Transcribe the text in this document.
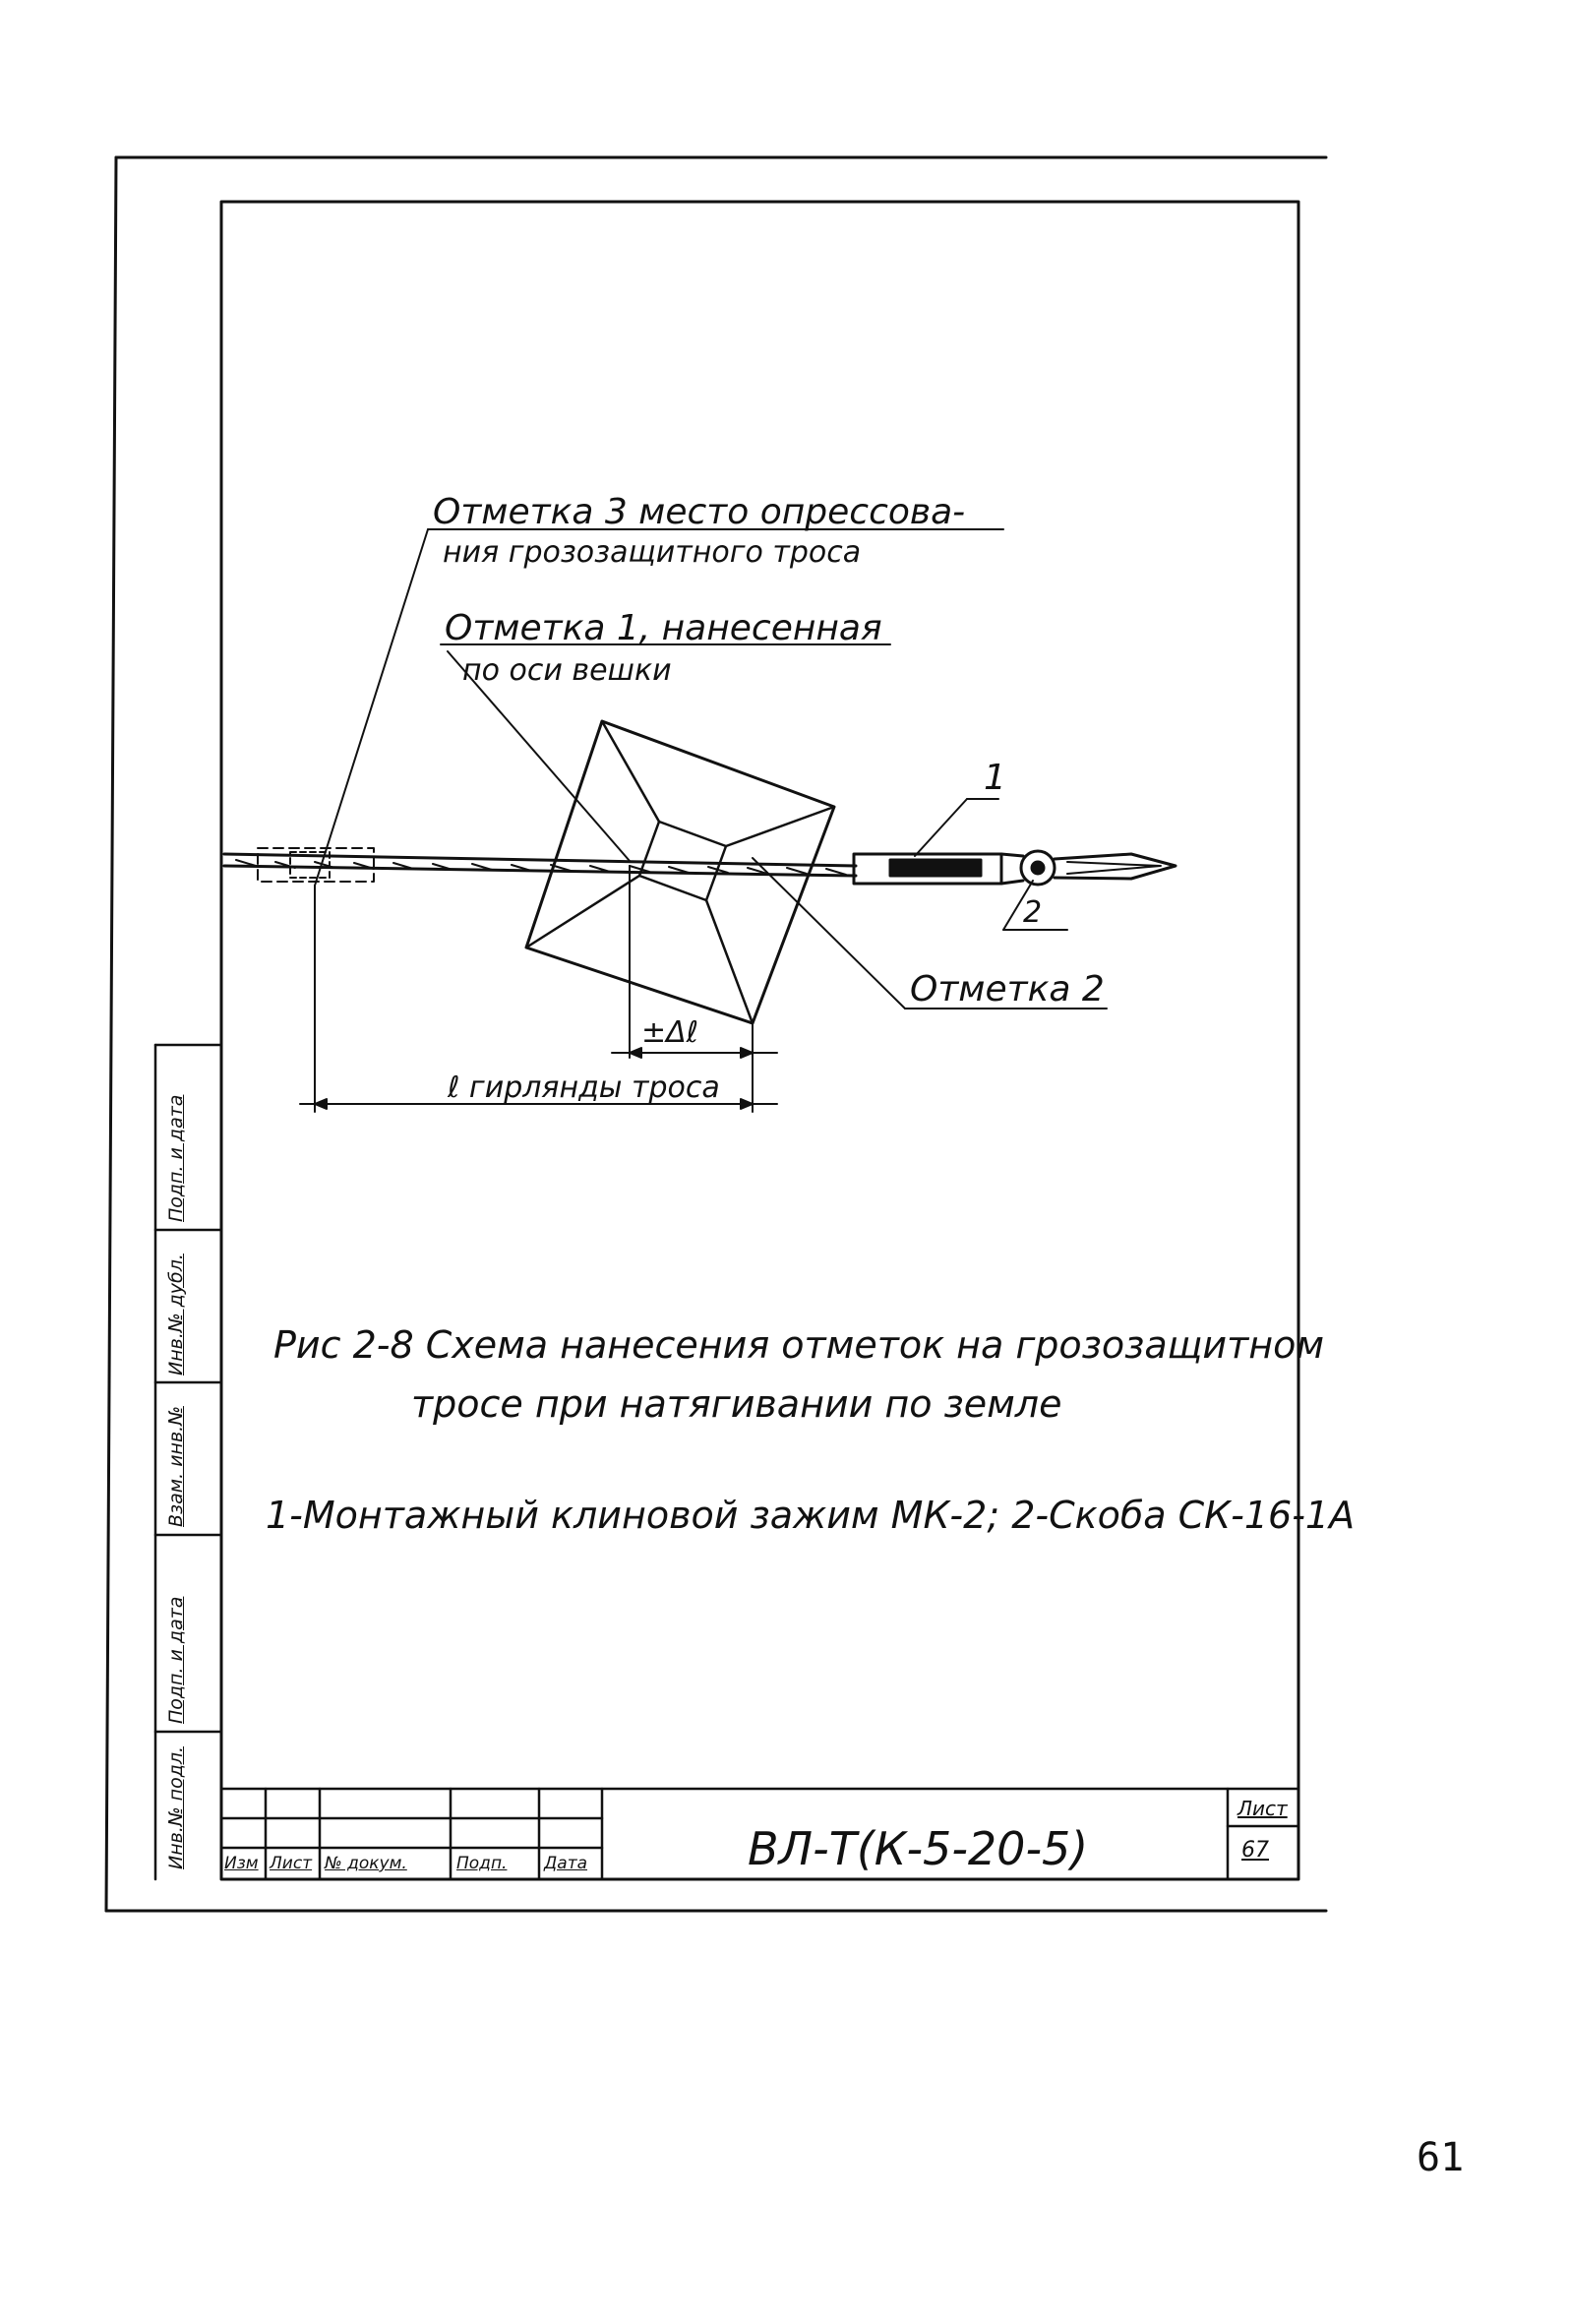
Отметка 3 место опрессова-
ния грозозащитного троса
Отметка 1, нанесенная
по оси вешки
1
2
Отметка 2
±Δℓ
ℓ гирлянды троса
Рис 2-8 Схема нанесения отметок на грозозащитном
тросе при натягивании по земле
1-Монтажный клиновой зажим МК-2; 2-Скоба СК-16-1А
Инв.№ подл.
Подп. и дата
Взам. инв.№
Инв.№ дубл.
Подп. и дата
Изм Лист № докум.	Подп. Дата	ВЛ-Т(К-5-20-5)
Лист
67
61
